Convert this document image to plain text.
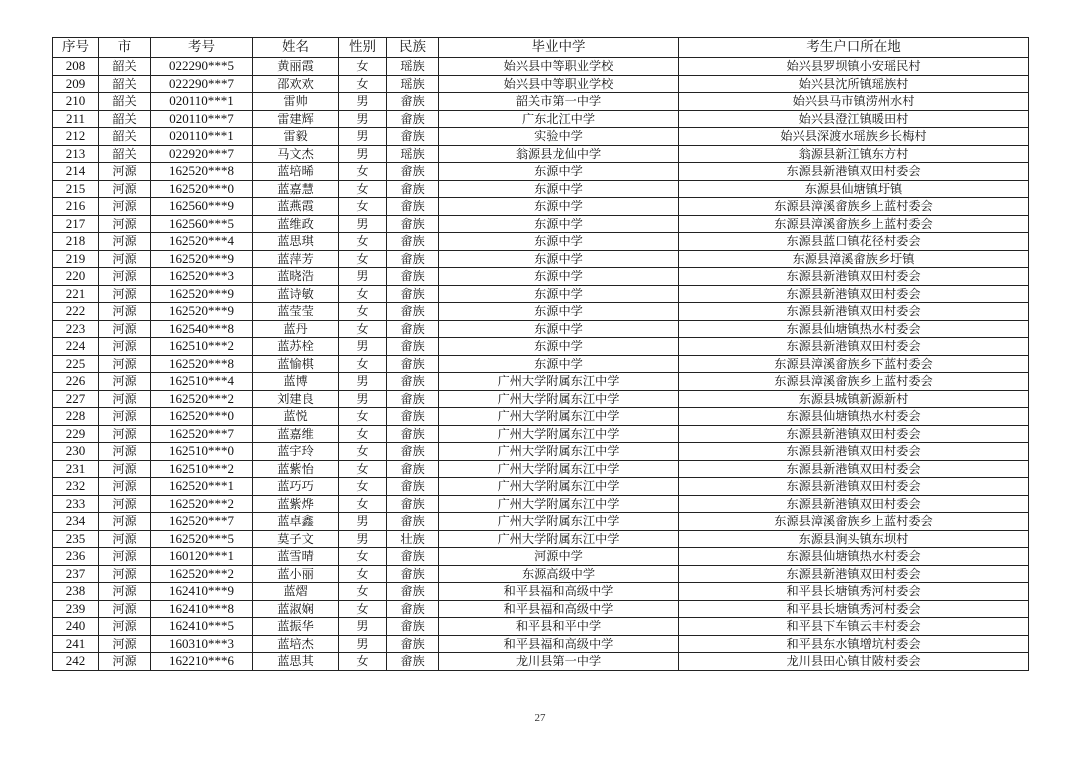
序号	市	考号	姓名	性别	民族	毕业中学	考生户口所在地
208	韶关	022290***5	黄丽霞	女	瑶族	始兴县中等职业学校	始兴县罗坝镇小安瑶民村
209	韶关	022290***7	邵欢欢	女	瑶族	始兴县中等职业学校	始兴县沈所镇瑶族村
210	韶关	020110***1	雷帅	男	畲族	韶关市第一中学	始兴县马市镇涝州水村
211	韶关	020110***7	雷建辉	男	畲族	广东北江中学	始兴县澄江镇暖田村
212	韶关	020110***1	雷毅	男	畲族	实验中学	始兴县深渡水瑶族乡长梅村
213	韶关	022920***7	马文杰	男	瑶族	翁源县龙仙中学	翁源县新江镇东方村
214	河源	162520***8	蓝培晞	女	畲族	东源中学	东源县新港镇双田村委会
215	河源	162520***0	蓝嘉慧	女	畲族	东源中学	东源县仙塘镇圩镇
216	河源	162560***9	蓝燕霞	女	畲族	东源中学	东源县漳溪畲族乡上蓝村委会
217	河源	162560***5	蓝维政	男	畲族	东源中学	东源县漳溪畲族乡上蓝村委会
218	河源	162520***4	蓝思琪	女	畲族	东源中学	东源县蓝口镇花径村委会
219	河源	162520***9	蓝萍芳	女	畲族	东源中学	东源县漳溪畲族乡圩镇
220	河源	162520***3	蓝晓浩	男	畲族	东源中学	东源县新港镇双田村委会
221	河源	162520***9	蓝诗敏	女	畲族	东源中学	东源县新港镇双田村委会
222	河源	162520***9	蓝莹莹	女	畲族	东源中学	东源县新港镇双田村委会
223	河源	162540***8	蓝丹	女	畲族	东源中学	东源县仙塘镇热水村委会
224	河源	162510***2	蓝苏栓	男	畲族	东源中学	东源县新港镇双田村委会
225	河源	162520***8	蓝愉棋	女	畲族	东源中学	东源县漳溪畲族乡下蓝村委会
226	河源	162510***4	蓝博	男	畲族	广州大学附属东江中学	东源县漳溪畲族乡上蓝村委会
227	河源	162520***2	刘建良	男	畲族	广州大学附属东江中学	东源县城镇新源新村
228	河源	162520***0	蓝悦	女	畲族	广州大学附属东江中学	东源县仙塘镇热水村委会
229	河源	162520***7	蓝嘉维	女	畲族	广州大学附属东江中学	东源县新港镇双田村委会
230	河源	162510***0	蓝宇玲	女	畲族	广州大学附属东江中学	东源县新港镇双田村委会
231	河源	162510***2	蓝紫怡	女	畲族	广州大学附属东江中学	东源县新港镇双田村委会
232	河源	162520***1	蓝巧巧	女	畲族	广州大学附属东江中学	东源县新港镇双田村委会
233	河源	162520***2	蓝紫烨	女	畲族	广州大学附属东江中学	东源县新港镇双田村委会
234	河源	162520***7	蓝卓鑫	男	畲族	广州大学附属东江中学	东源县漳溪畲族乡上蓝村委会
235	河源	162520***5	莫子文	男	壮族	广州大学附属东江中学	东源县涧头镇东坝村
236	河源	160120***1	蓝雪晴	女	畲族	河源中学	东源县仙塘镇热水村委会
237	河源	162520***2	蓝小丽	女	畲族	东源高级中学	东源县新港镇双田村委会
238	河源	162410***9	蓝熠	女	畲族	和平县福和高级中学	和平县长塘镇秀河村委会
239	河源	162410***8	蓝淑娴	女	畲族	和平县福和高级中学	和平县长塘镇秀河村委会
240	河源	162410***5	蓝振华	男	畲族	和平县和平中学	和平县下车镇云丰村委会
241	河源	160310***3	蓝培杰	男	畲族	和平县福和高级中学	和平县东水镇增坑村委会
242	河源	162210***6	蓝思其	女	畲族	龙川县第一中学	龙川县田心镇甘陂村委会
27
